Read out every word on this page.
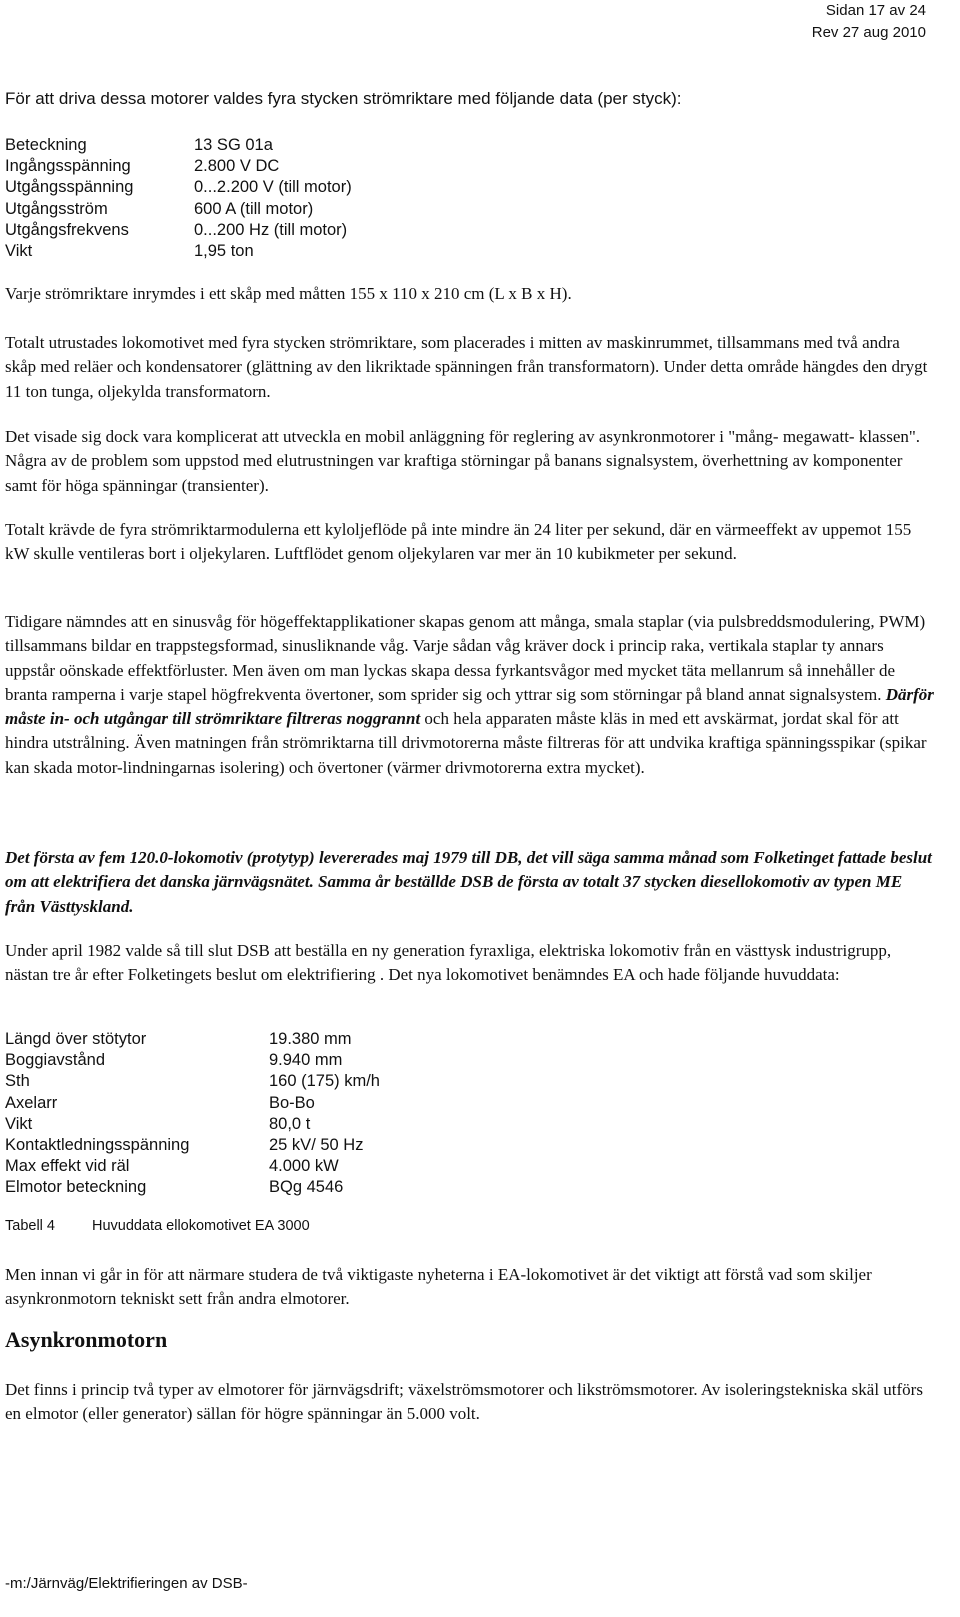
Sidan 17 av 24
Rev 27 aug 2010
För att driva dessa motorer valdes fyra stycken strömriktare med följande data (per styck):
Beteckning	13 SG 01a
Ingångsspänning	2.800 V DC
Utgångsspänning	0...2.200 V (till motor)
Utgångsström	600 A (till motor)
Utgångsfrekvens	0...200 Hz (till motor)
Vikt	1,95 ton

Varje strömriktare inrymdes i ett skåp med måtten 155 x 110 x 210 cm (L x B x H).

Totalt utrustades lokomotivet med fyra stycken strömriktare, som placerades i mitten av maskinrummet, tillsammans med två andra skåp med reläer och kondensatorer (glättning av den likriktade spänningen från transformatorn). Under detta område hängdes den drygt 11 ton tunga, oljekylda transformatorn.

Det visade sig dock vara komplicerat att utveckla en mobil anläggning för reglering av asynkronmotorer i "mång- megawatt- klassen". Några av de problem som uppstod med elutrustningen var kraftiga störningar på banans signalsystem, överhettning av komponenter samt för höga spänningar (transienter).

Totalt krävde de fyra strömriktarmodulerna ett kyloljeflöde på inte mindre än 24 liter per sekund, där en värmeeffekt av uppemot 155 kW skulle ventileras bort i oljekylaren. Luftflödet genom oljekylaren var mer än 10 kubikmeter per sekund.

Tidigare nämndes att en sinusvåg för högeffektapplikationer skapas genom att många, smala staplar (via pulsbreddsmodulering, PWM) tillsammans bildar en trappstegsformad, sinusliknande våg. Varje sådan våg kräver dock i princip raka, vertikala staplar ty annars uppstår oönskade effektförluster. Men även om man lyckas skapa dessa fyrkantsvågor med mycket täta mellanrum så innehåller de branta ramperna i varje stapel högfrekventa övertoner, som sprider sig och yttrar sig som störningar på bland annat signalsystem. Därför måste in- och utgångar till strömriktare filtreras noggrannt och hela apparaten måste kläs in med ett avskärmat, jordat skal för att hindra utstrålning. Även matningen från strömriktarna till drivmotorerna måste filtreras för att undvika kraftiga spänningsspikar (spikar kan skada motor-lindningarnas isolering) och övertoner (värmer drivmotorerna extra mycket).

Det första av fem 120.0-lokomotiv (protytyp) levererades maj 1979 till DB, det vill säga samma månad som Folketinget fattade beslut om att elektrifiera det danska järnvägsnätet. Samma år beställde DSB de första av totalt 37 stycken diesellokomotiv av typen ME från Västtyskland.

Under april 1982 valde så till slut DSB att beställa en ny generation fyraxliga, elektriska lokomotiv från en västtysk industrigrupp, nästan tre år efter Folketingets beslut om elektrifiering . Det nya lokomotivet benämndes EA och hade följande huvuddata:

Längd över stötytor	19.380 mm
Boggiavstånd	9.940 mm
Sth	160 (175) km/h
Axelarr	Bo-Bo
Vikt	80,0 t
Kontaktledningsspänning	25 kV/ 50 Hz
Max effekt vid räl	4.000 kW
Elmotor beteckning	BQg 4546
Tabell 4	Huvuddata ellokomotivet EA 3000

Men innan vi går in för att närmare studera de två viktigaste nyheterna i EA-lokomotivet är det viktigt att förstå vad som skiljer asynkronmotorn tekniskt sett från andra elmotorer.

Asynkronmotorn

Det finns i princip två typer av elmotorer för järnvägsdrift; växelströmsmotorer och likströmsmotorer. Av isoleringstekniska skäl utförs en elmotor (eller generator) sällan för högre spänningar än 5.000 volt.

-m:/Järnväg/Elektrifieringen av DSB-
